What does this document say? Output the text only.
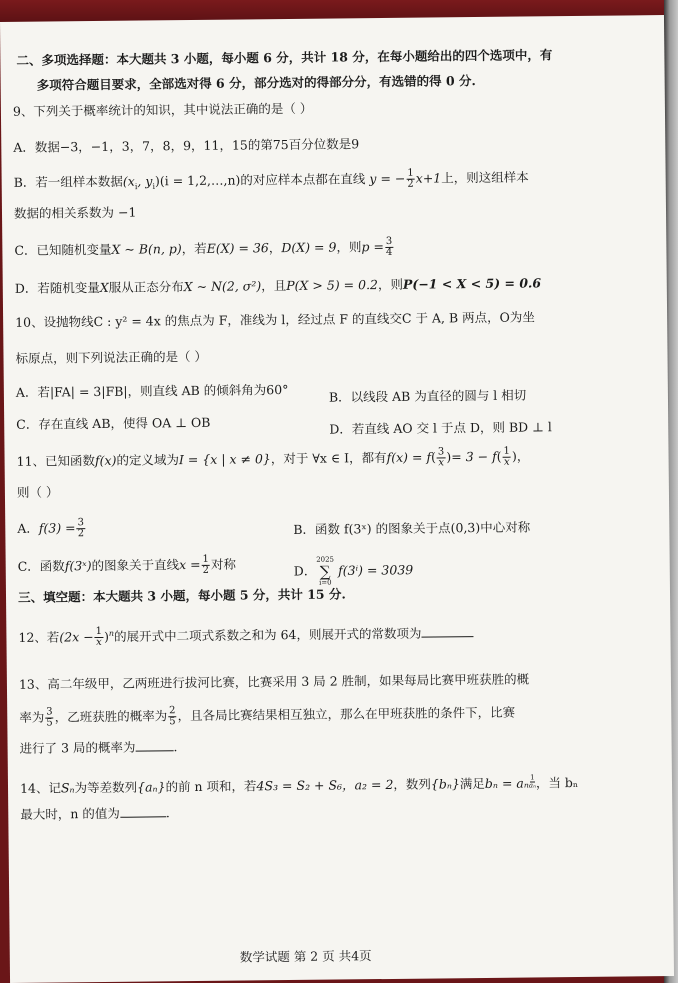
二、多项选择题：本大题共 3 小题，每小题 6 分，共计 18 分，在每小题给出的四个选项中，有
多项符合题目要求，全部选对得 6 分，部分选对的得部分分，有选错的得 0 分.
9、下列关于概率统计的知识，其中说法正确的是（ ）
A．数据−3，−1，3，7，8，9，11，15的第75百分位数是9
B．若一组样本数据($x_i$, $y_i)(i$ = 1,2,…,n)的对应样本点都在直线 y = − $\frac{1}{2} x+1$上，则这组样本
数据的相关系数为 −1
C．已知随机变量X ~ B(n, p)，若E(X) = 36，D(X) = 9，则$p = \frac{3}{4}$
D．若随机变量X服从正态分布X ~ N(2, σ²)，且P(X > 5) = 0.2，则P(−1 < X < 5) = 0.6
10、设抛物线C : y² = 4x 的焦点为 F，准线为 l，经过点 F 的直线交C 于 A, B 两点，O为坐
标原点，则下列说法正确的是（ ）
A．若|FA| = 3|FB|，则直线 AB 的倾斜角为60°	B．以线段 AB 为直径的圆与 l 相切
C．存在直线 AB，使得 OA ⊥ OB	D．若直线 AO 交 l 于点 D，则 BD ⊥ l
11、已知函数f(x)的定义域为I = {x | x ≠ 0}，对于 ∀x ∈ I，都有$f(x) = f( \frac{3}{x}$ )= $3 - f( \frac{1}{x}$ )，
则（ ）
A．$f(3) = \frac{3}{2}$	B．函数 f(3ˣ) 的图象关于点(0,3)中心对称
C．函数f(3ˣ)的图象关于直线$x = \frac{1}{2}$ 对称	D．
2025
∑
i=0
f(3ⁱ) = 3039
三、填空题：本大题共 3 小题，每小题 5 分，共计 15 分.
12、若$(2x - \frac{1}{x} )^n$的展开式中二项式系数之和为 64，则展开式的常数项为
13、高二年级甲，乙两班进行拔河比赛，比赛采用 3 局 2 胜制，如果每局比赛甲班获胜的概
率为 $\frac{3}{5}$ ，乙班获胜的概率为 $\frac{2}{5}$ ，且各局比赛结果相互独立，那么在甲班获胜的条件下，比赛
进行了 3 局的概率为	.
14、记Sₙ为等差数列{aₙ}的前 n 项和，若4S₃ = S₂ + S₆，a₂ = 2，数列{bₙ}满足bₙ = aₙ $\frac{1}{\text{aₙ}}$ ，当 bₙ
最大时，n 的值为	.
数学试题 第 2 页 共4页
